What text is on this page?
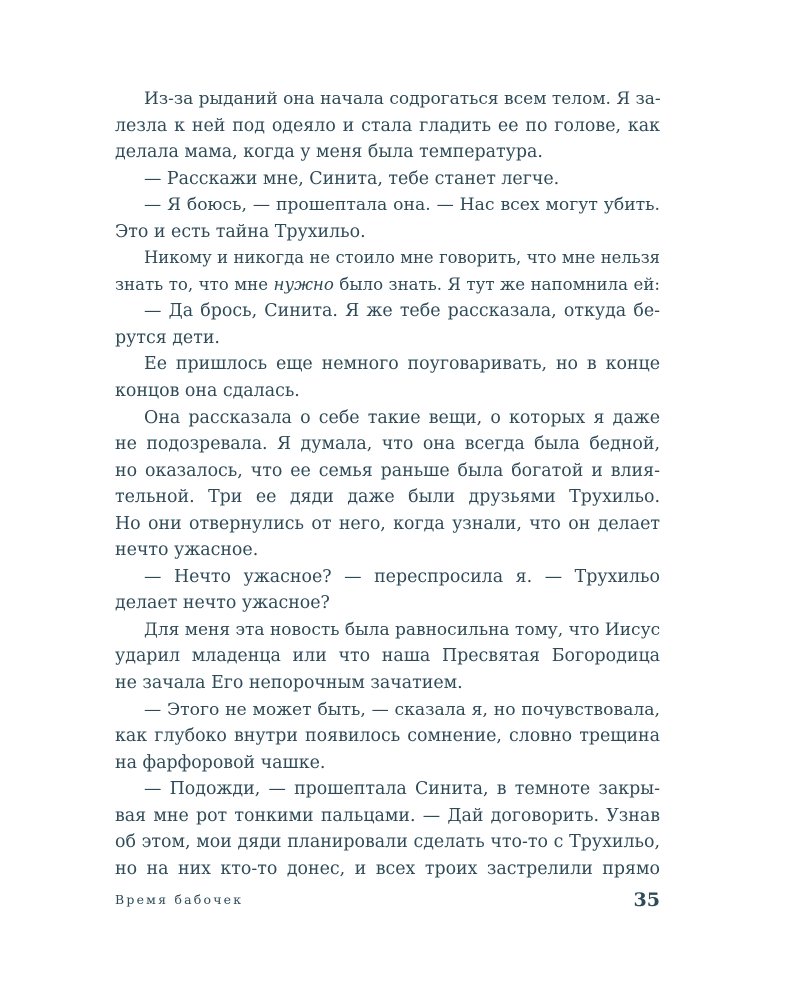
Из-за рыданий она начала содрогаться всем телом. Я за-
лезла к ней под одеяло и стала гладить ее по голове, как
делала мама, когда у меня была температура.
— Расскажи мне, Синита, тебе станет легче.
— Я боюсь, — прошептала она. — Нас всех могут убить.
Это и есть тайна Трухильо.
Никому и никогда не стоило мне говорить, что мне нельзя
знать то, что мне нужно было знать. Я тут же напомнила ей:
— Да брось, Синита. Я же тебе рассказала, откуда бе-
рутся дети.
Ее пришлось еще немного поуговаривать, но в конце
концов она сдалась.
Она рассказала о себе такие вещи, о которых я даже
не подозревала. Я думала, что она всегда была бедной,
но оказалось, что ее семья раньше была богатой и влия-
тельной. Три ее дяди даже были друзьями Трухильо.
Но они отвернулись от него, когда узнали, что он делает
нечто ужасное.
— Нечто ужасное? — переспросила я. — Трухильо
делает нечто ужасное?
Для меня эта новость была равносильна тому, что Иисус
ударил младенца или что наша Пресвятая Богородица
не зачала Его непорочным зачатием.
— Этого не может быть, — сказала я, но почувствовала,
как глубоко внутри появилось сомнение, словно трещина
на фарфоровой чашке.
— Подожди, — прошептала Синита, в темноте закры-
вая мне рот тонкими пальцами. — Дай договорить. Узнав
об этом, мои дяди планировали сделать что-то с Трухильо,
но на них кто-то донес, и всех троих застрелили прямо
Время бабочек	35
